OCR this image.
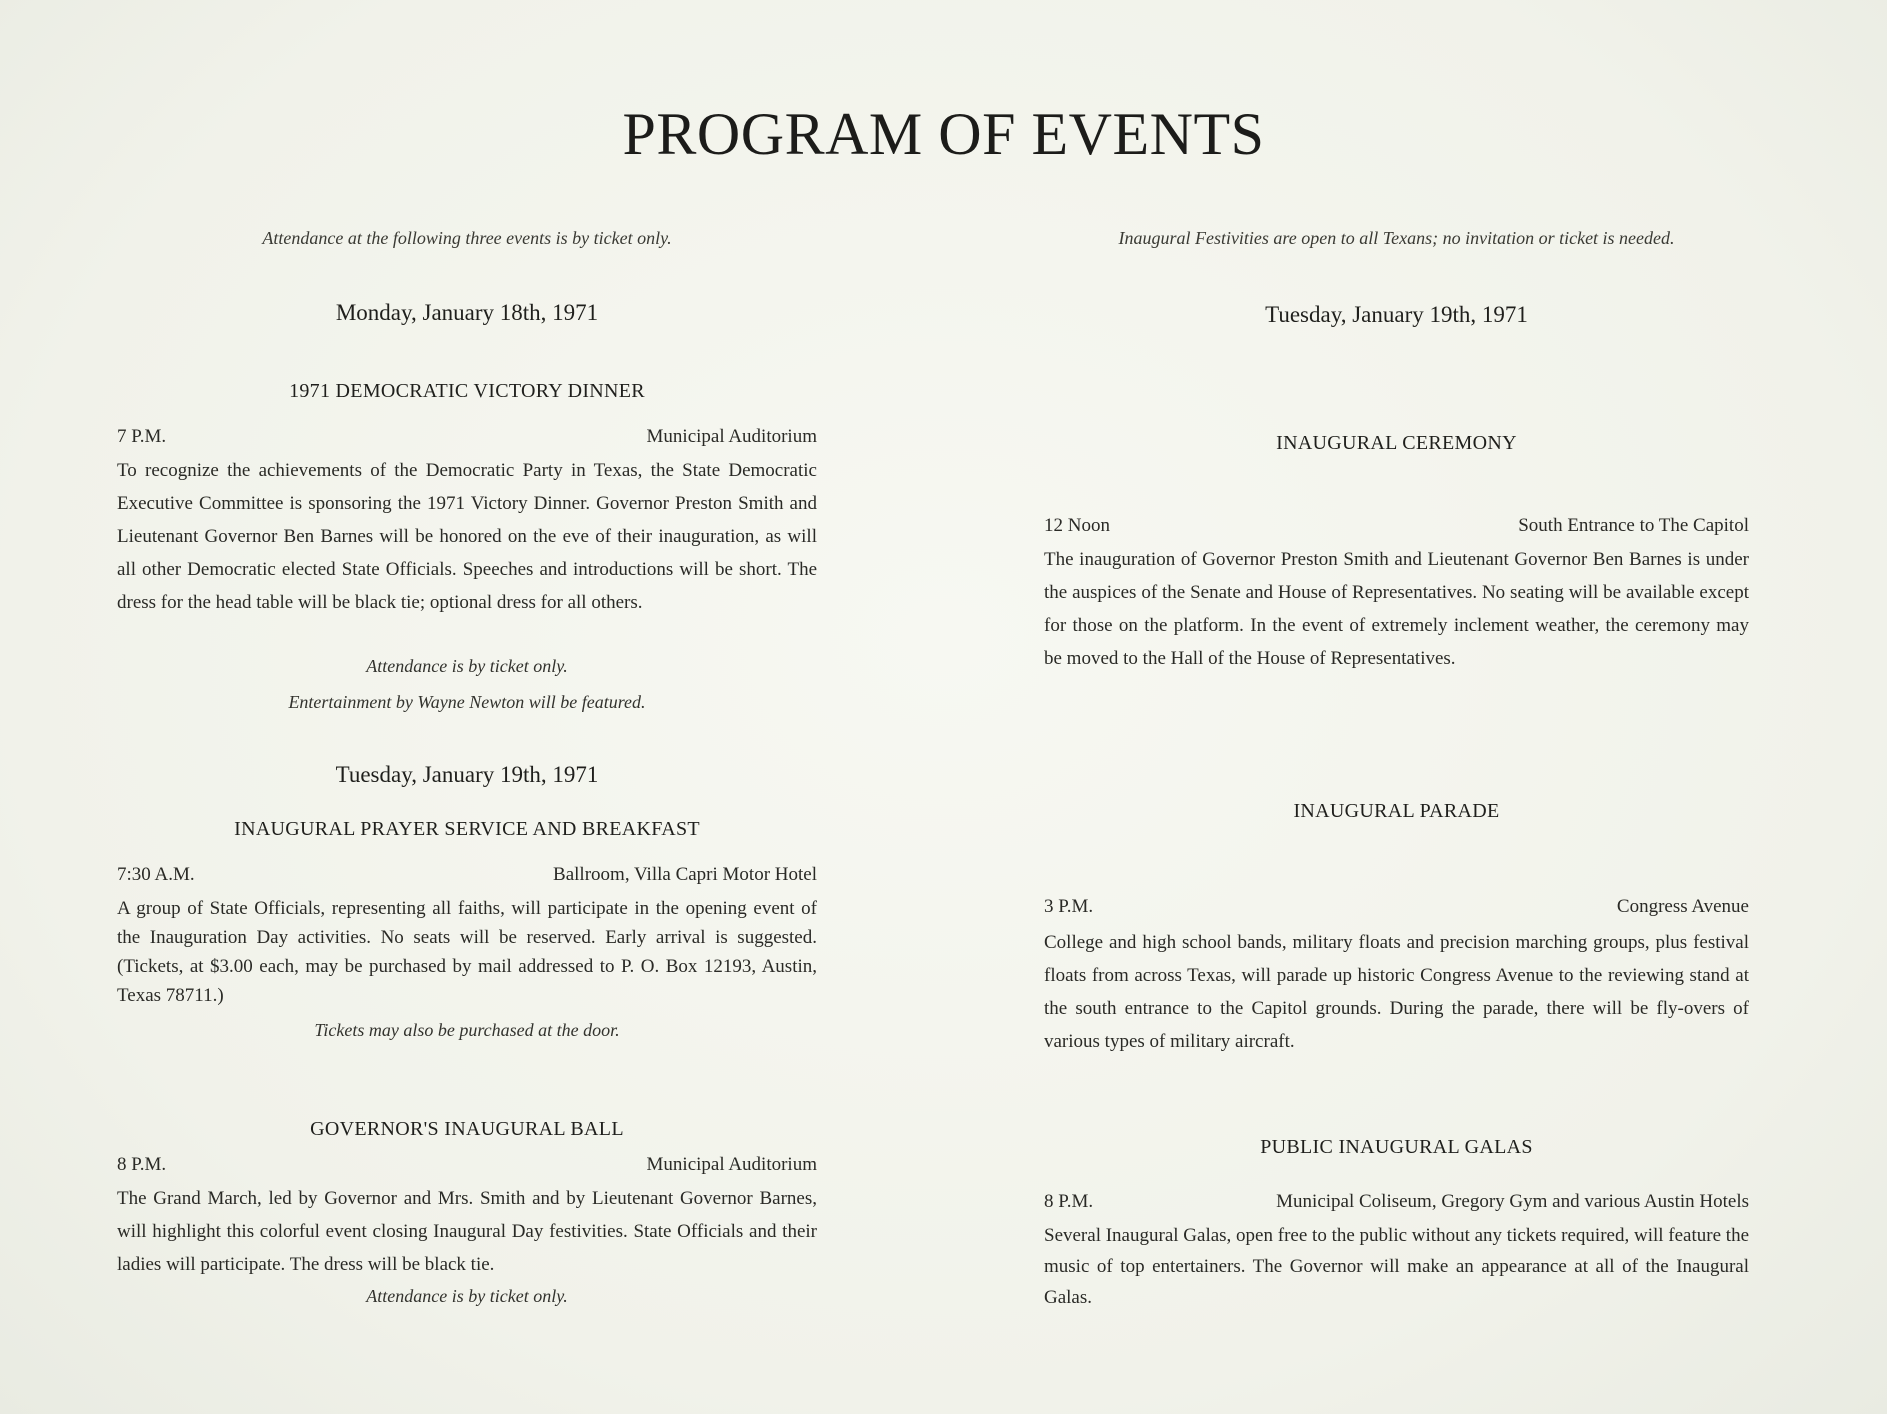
PROGRAM OF EVENTS
Attendance at the following three events is by ticket only.
Monday, January 18th, 1971
1971 DEMOCRATIC VICTORY DINNER
7 P.M.	Municipal Auditorium
To recognize the achievements of the Democratic Party in Texas, the State Democratic Executive Committee is sponsoring the 1971 Victory Dinner. Governor Preston Smith and Lieutenant Governor Ben Barnes will be honored on the eve of their inauguration, as will all other Democratic elected State Officials. Speeches and introductions will be short. The dress for the head table will be black tie; optional dress for all others.
Attendance is by ticket only.
Entertainment by Wayne Newton will be featured.
Tuesday, January 19th, 1971
INAUGURAL PRAYER SERVICE AND BREAKFAST
7:30 A.M.	Ballroom, Villa Capri Motor Hotel
A group of State Officials, representing all faiths, will participate in the opening event of the Inauguration Day activities. No seats will be reserved. Early arrival is suggested. (Tickets, at $3.00 each, may be purchased by mail addressed to P. O. Box 12193, Austin, Texas 78711.)
Tickets may also be purchased at the door.
GOVERNOR'S INAUGURAL BALL
8 P.M.	Municipal Auditorium
The Grand March, led by Governor and Mrs. Smith and by Lieutenant Governor Barnes, will highlight this colorful event closing Inaugural Day festivities. State Officials and their ladies will participate. The dress will be black tie.
Attendance is by ticket only.
Inaugural Festivities are open to all Texans; no invitation or ticket is needed.
Tuesday, January 19th, 1971
INAUGURAL CEREMONY
12 Noon	South Entrance to The Capitol
The inauguration of Governor Preston Smith and Lieutenant Governor Ben Barnes is under the auspices of the Senate and House of Representatives. No seating will be available except for those on the platform. In the event of extremely inclement weather, the ceremony may be moved to the Hall of the House of Representatives.
INAUGURAL PARADE
3 P.M.	Congress Avenue
College and high school bands, military floats and precision marching groups, plus festival floats from across Texas, will parade up historic Congress Avenue to the reviewing stand at the south entrance to the Capitol grounds. During the parade, there will be fly-overs of various types of military aircraft.
PUBLIC INAUGURAL GALAS
8 P.M.	Municipal Coliseum, Gregory Gym and various Austin Hotels
Several Inaugural Galas, open free to the public without any tickets required, will feature the music of top entertainers. The Governor will make an appearance at all of the Inaugural Galas.
